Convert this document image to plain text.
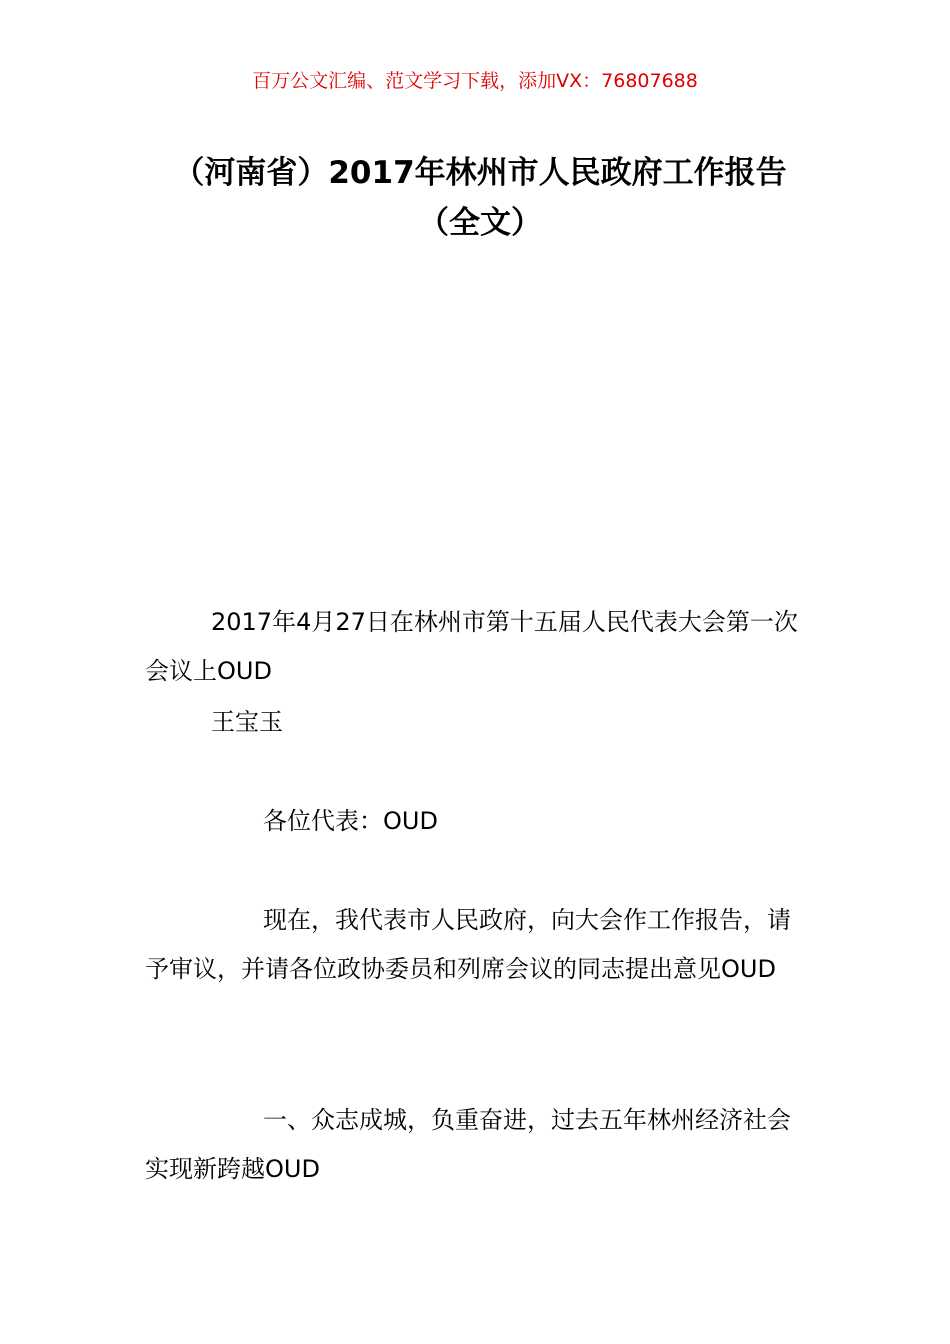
百万公文汇编、范文学习下载，添加VX：76807688
（河南省）2017年林州市人民政府工作报告（全文）

2017年4月27日在林州市第十五届人民代表大会第一次会议上OUD

王宝玉

各位代表：OUD

现在，我代表市人民政府，向大会作工作报告，请予审议，并请各位政协委员和列席会议的同志提出意见OUD

一、众志成城，负重奋进，过去五年林州经济社会实现新跨越OUD
